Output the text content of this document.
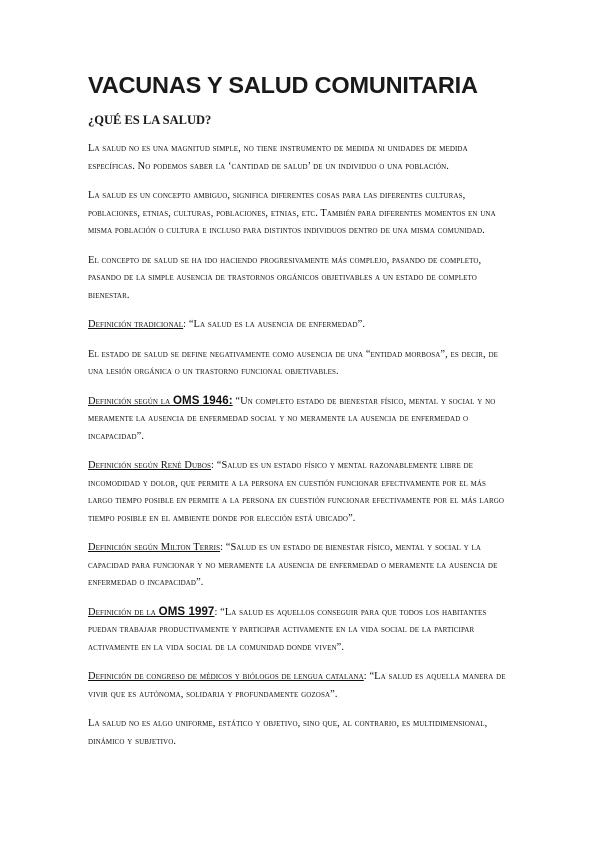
VACUNAS Y SALUD COMUNITARIA
¿QUÉ ES LA SALUD?

La salud no es una magnitud simple, no tiene instrumento de medida ni unidades de medida específicas. No podemos saber la ‘cantidad de salud’ de un individuo o una población.

La salud es un concepto ambiguo, significa diferentes cosas para las diferentes culturas, poblaciones, etnias, culturas, poblaciones, etnias, etc. También para diferentes momentos en una misma población o cultura e incluso para distintos individuos dentro de una misma comunidad.

El concepto de salud se ha ido haciendo progresivamente más complejo, pasando de completo, pasando de la simple ausencia de trastornos orgánicos objetivables a un estado de completo bienestar.

Definición tradicional: “La salud es la ausencia de enfermedad”.

El estado de salud se define negativamente como ausencia de una “entidad morbosa”, es decir, de una lesión orgánica o un trastorno funcional objetivables.

Definición según la OMS 1946: “Un completo estado de bienestar físico, mental y social y no meramente la ausencia de enfermedad social y no meramente la ausencia de enfermedad o incapacidad”.

Definición según René Dubos: “Salud es un estado físico y mental razonablemente libre de incomodidad y dolor, que permite a la persona en cuestión funcionar efectivamente por el más largo tiempo posible en permite a la persona en cuestión funcionar efectivamente por el más largo tiempo posible en el ambiente donde por elección está ubicado”.

Definición según Milton Terris: “Salud es un estado de bienestar físico, mental y social y la capacidad para funcionar y no meramente la ausencia de enfermedad o meramente la ausencia de enfermedad o incapacidad”.

Definición de la OMS 1997: “La salud es aquellos conseguir para que todos los habitantes puedan trabajar productivamente y participar activamente en la vida social de la participar activamente en la vida social de la comunidad donde viven”.

Definición de congreso de médicos y biólogos de lengua catalana: “La salud es aquella manera de vivir que es autónoma, solidaria y profundamente gozosa”.

La salud no es algo uniforme, estático y objetivo, sino que, al contrario, es multidimensional, dinámico y subjetivo.
